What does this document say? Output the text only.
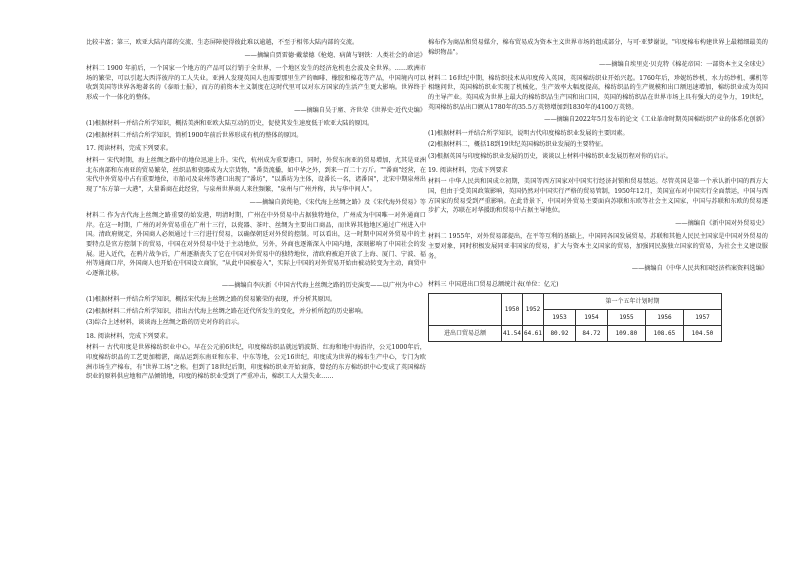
比较丰富；第三，欧亚大陆内部的交流、生态屏障使得彼此难以逾越，不至于相邻大陆内部的交流。

——摘编自贾雷德·戴蒙德《枪炮、病菌与钢铁：人类社会的命运》

材料二 1900 年前后，一个国家一个地方的产品可以行销于全世界，一个地区发生的经济危机也会波及全世界。……欧洲市场的繁荣，可以引起大西洋彼岸的工人失业。亚洲人发现英国人也需要那里生产的咖啡、橡胶和棉花等产品，中国境内可以收到美国等世界各地著名的《泰晤士报》，而方的前资本主义制度在这时代里可以对东方国家的生活产生更大影响。世界终于形成一个一体化的整体。

——摘编自吴于廑、齐世荣《世界史·近代史编》

(1)根据材料一并结合所学知识，概括美洲和亚欧大陆互动的历史，促使其发生速度低于欧亚大陆的原因。

(2)根据材料二并结合所学知识，简析1900年前后世界形成有机的整体的原因。

17. 阅读材料，完成下列要求。

材料一 宋代时期，海上丝绸之路中的地位迅速上升。宋代，杭州成为重要港口，同时，外贸东南亚的贸易增加，尤其是亚洲北东南部和东南亚的贸易繁荣，丝织品和瓷器成为大宗货物，"番货流播，如中华之外，到来一百二十万斤。""番商"经营，在宋代中外贸易中占有重要地位，市舶司及泉州等港口出现了"番坊"，"以番坊为主体，设番长一名，诸番国"，北宋中期泉州出现了"东方第一大港"，大量番商在此经营，与泉州世界商人来往频繁，"泉州与广州并称，共与华中间人"。

——摘编自黄纯艳，《宋代海上丝绸之路》及《宋代海外贸易》等

材料二 作为古代海上丝绸之路重要的始发港，明清时期，广州在中外贸易中占据独特地位，广州成为中国唯一对外通商口岸。在这一时期，广州的对外贸易重在广州十三行，以瓷器、茶叶、丝绸为主要出口商品，而世界其他地区通过广州进入中国。清政府规定，外国商人必须通过十三行进行贸易，以确保朝廷对外贸的控制。可以看出，这一时期中国对外贸易中的主要特点是官方控制下的贸易，中国在对外贸易中处于主动地位，另外，外商也逐渐深入中国内地，深刻影响了中国社会的发展。进入近代，在鸦片战争后，广州逐渐丧失了它在中国对外贸易中的独特地位，清政府被迫开放了上海、厦门、宁波、福州等通商口岸，外国商人也开始在中国设立商馆，"从此中国被卷入"，实际上中国的对外贸易开始由被动转变为主动，商贸中心逐渐北移。

——摘编自李庆新《中国古代海上丝绸之路的历史演变——以广州为中心》

(1)根据材料一并结合所学知识，概括宋代海上丝绸之路的贸易繁荣的表现，并分析其原因。

(2)根据材料二并结合所学知识，指出古代海上丝绸之路在近代所发生的变化，并分析所起的历史影响。

(3)综合上述材料，谈谈海上丝绸之路的历史对你的启示。

18. 阅读材料，完成下列要求。

材料一 古代印度是世界棉纺织业中心。早在公元前6世纪，印度棉纺织品就远销波斯、红海和地中海沿岸，公元1000年后，印度棉纺织品的工艺更加精湛，商品运到东南亚和东非、中东等地，公元16世纪，印度成为世界的棉布生产中心，专门为欧洲市场生产棉布，有"世界工场"之称。但到了18世纪后期，印度棉纺织业开始衰落，曾经的东方棉纺织中心变成了英国棉纺织业的原料供应地和产品倾销地，印度的棉纺织业受到了严重冲击，棉织工人大量失业……

棉布作为商品和贸易媒介，棉布贸易成为资本主义世界市场的组成部分，与可·亚梦谢说，"印度棉布构建世界上最精细最美的棉织物品"。

——摘编自埃里克·贝克特《棉花帝国：一部资本主义全球史》

材料二 16世纪中期，棉纺织技术从印度传入英国，英国棉纺织业开始兴起。1760年后，珍妮纺纱机、水力纺纱机、骡机等相继问世，英国棉纺织业实现了机械化，生产效率大幅度提高，棉纺织品的生产规模和出口额迅速增加，棉纺织业成为英国的主导产业。英国成为世界上最大的棉纺织品生产国和出口国，英国的棉纺织品在世界市场上具有强大的竞争力，19世纪，英国棉纺织品出口额从1780年的35.5万英镑增加到1830年的4100万英镑。

——摘编自2022年5月发布的论文《工业革命时期英国棉纺织产业的体系化创新》

(1)根据材料一并结合所学知识，说明古代印度棉纺织业发展的主要因素。

(2)根据材料二，概括18到19世纪英国棉纺织业发展的主要特征。

(3)根据英国与印度棉纺织业发展的历史，谈谈以上材料中棉纺织业发展历程对你的启示。

19. 阅读材料，完成下列要求

材料一 中华人民共和国成立初期，美国等西方国家对中国实行经济封锁和贸易禁运。尽管英国是第一个承认新中国的西方大国，但由于受美国政策影响，英国仍然对中国实行严格的贸易管制，1950年12月，美国宣布对中国实行全面禁运，中国与西方国家的贸易受到严重影响。在此背景下，中国对外贸易主要面向苏联和东欧等社会主义国家，中国与苏联和东欧的贸易逐步扩大，苏联在对华援助和贸易中占据主导地位。

——摘编自《新中国对外贸易史》

材料二 1955年，对外贸易部提出，在平等互利的基础上，中国同各国发展贸易，苏联和其他人民民主国家是中国对外贸易的主要对象，同时积极发展同亚非国家的贸易，扩大与资本主义国家的贸易，加强同民族独立国家的贸易，为社会主义建设服务。

——摘编自《中华人民共和国经济档案资料选编》

材料三 中国进出口贸易总额统计表(单位：亿元)

	1950	1952	第一个五年计划时期				
			1953	1954	1955	1956	1957
进出口贸易总额	41.54	64.61	80.92	84.72	109.80	108.65	104.50
